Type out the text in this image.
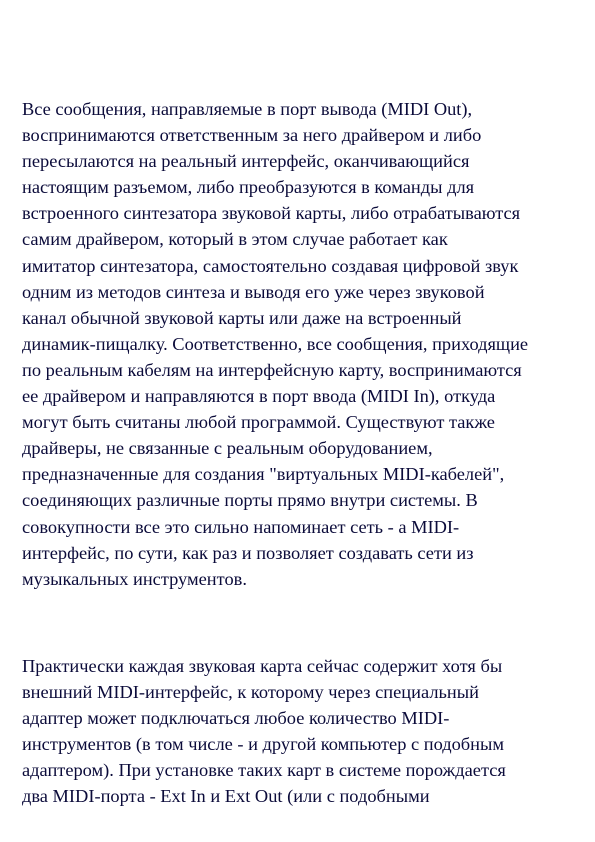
Все сообщения, направляемые в порт вывода (MIDI Out),
воспринимаются ответственным за него драйвером и либо
пересылаются на реальный интерфейс, оканчивающийся
настоящим разъемом, либо преобразуются в команды для
встроенного синтезатора звуковой карты, либо отрабатываются
самим драйвером, который в этом случае работает как
имитатор синтезатора, самостоятельно создавая цифровой звук
одним из методов синтеза и выводя его уже через звуковой
канал обычной звуковой карты или даже на встроенный
динамик-пищалку. Соответственно, все сообщения, приходящие
по реальным кабелям на интерфейсную карту, воспринимаются
ее драйвером и направляются в порт ввода (MIDI In), откуда
могут быть считаны любой программой. Существуют также
драйверы, не связанные с реальным оборудованием,
предназначенные для создания "виртуальных MIDI-кабелей",
соединяющих различные порты прямо внутри системы. В
совокупности все это сильно напоминает сеть - а MIDI-
интерфейс, по сути, как раз и позволяет создавать сети из
музыкальных инструментов.

Практически каждая звуковая карта сейчас содержит хотя бы
внешний MIDI-интерфейс, к которому через специальный
адаптер может подключаться любое количество MIDI-
инструментов (в том числе - и другой компьютер с подобным
адаптером). При установке таких карт в системе порождается
два MIDI-порта - Ext In и Ext Out (или с подобными
